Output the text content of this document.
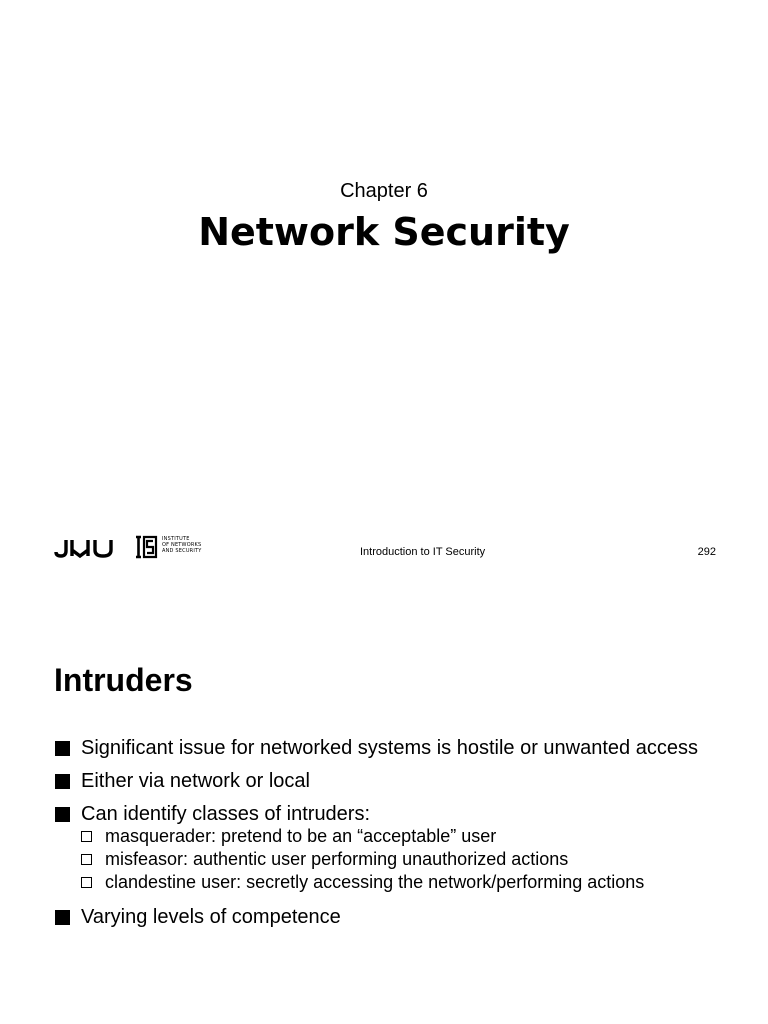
Chapter 6
Network Security
INSTITUTE
OF NETWORKS
AND SECURITY	Introduction to IT Security	292
Intruders
Significant issue for networked systems is hostile or unwanted access
Either via network or local
Can identify classes of intruders:
masquerader: pretend to be an “acceptable” user
misfeasor: authentic user performing unauthorized actions
clandestine user: secretly accessing the network/performing actions
Varying levels of competence
